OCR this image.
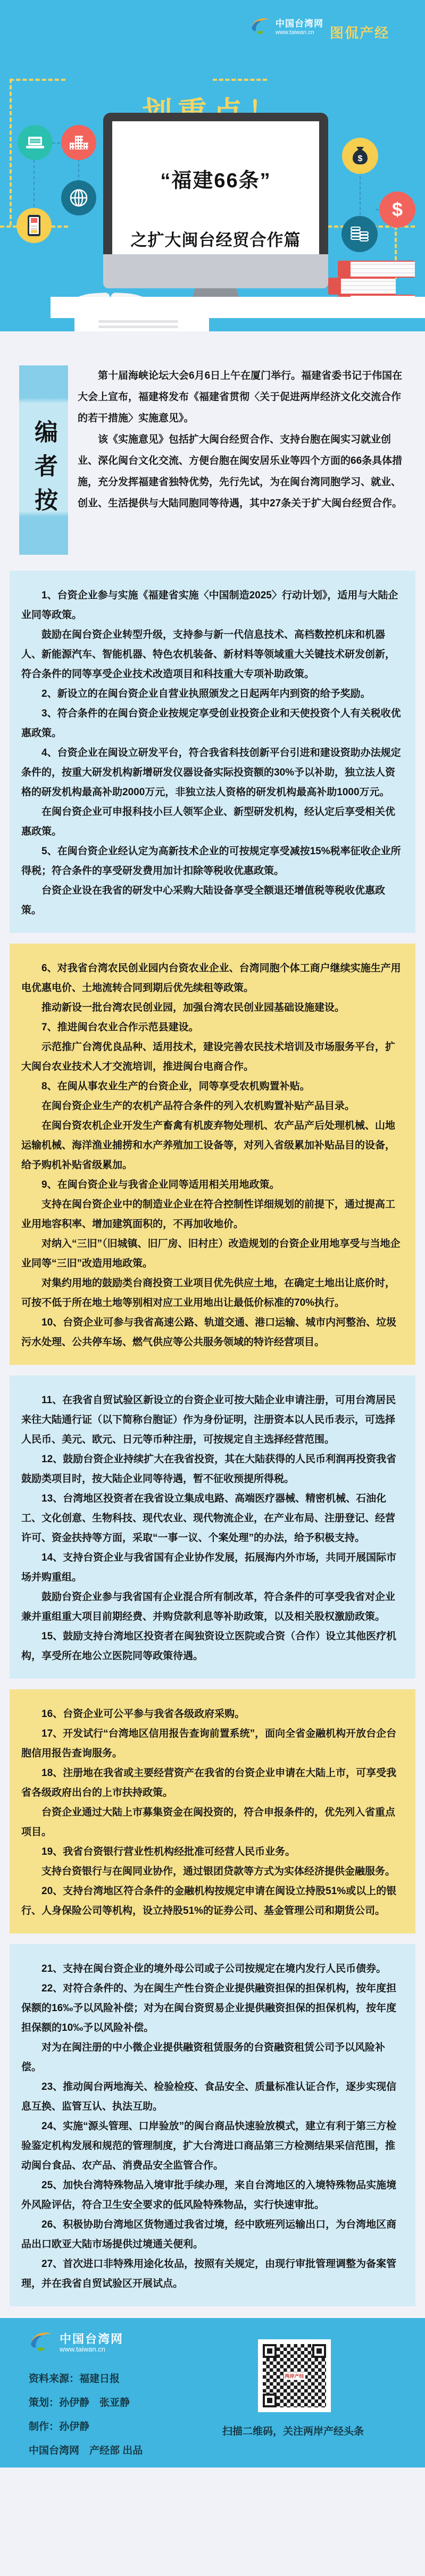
中国台湾网
www.taiwan.cn	图侃产经
$
$
“福建66条”
之扩大闽台经贸合作篇
编者按

第十届海峡论坛大会6月6日上午在厦门举行。福建省委书记于伟国在大会上宣布，福建将发布《福建省贯彻〈关于促进两岸经济文化交流合作的若干措施〉实施意见》。

该《实施意见》包括扩大闽台经贸合作、支持台胞在闽实习就业创业、深化闽台文化交流、方便台胞在闽安居乐业等四个方面的66条具体措施，充分发挥福建省独特优势，先行先试，为在闽台湾同胞学习、就业、创业、生活提供与大陆同胞同等待遇，其中27条关于扩大闽台经贸合作。

1、台资企业参与实施《福建省实施〈中国制造2025〉行动计划》，适用与大陆企业同等政策。

鼓励在闽台资企业转型升级，支持参与新一代信息技术、高档数控机床和机器人、新能源汽车、智能机器、特色农机装备、新材料等领域重大关键技术研发创新，符合条件的同等享受企业技术改造项目和科技重大专项补助政策。

2、新设立的在闽台资企业自营业执照颁发之日起两年内到资的给予奖励。

3、符合条件的在闽台资企业按规定享受创业投资企业和天使投资个人有关税收优惠政策。

4、台资企业在闽设立研发平台，符合我省科技创新平台引进和建设资助办法规定条件的，按重大研发机构新增研发仪器设备实际投资额的30%予以补助，独立法人资格的研发机构最高补助2000万元，非独立法人资格的研发机构最高补助1000万元。

在闽台资企业可申报科技小巨人领军企业、新型研发机构，经认定后享受相关优惠政策。

5、在闽台资企业经认定为高新技术企业的可按规定享受减按15%税率征收企业所得税；符合条件的享受研发费用加计扣除等税收优惠政策。

台资企业设在我省的研发中心采购大陆设备享受全额退还增值税等税收优惠政策。

6、对我省台湾农民创业园内台资农业企业、台湾同胞个体工商户继续实施生产用电优惠电价、土地流转合同到期后优先续租等政策。

推动新设一批台湾农民创业园，加强台湾农民创业园基础设施建设。

7、推进闽台农业合作示范县建设。

示范推广台湾优良品种、适用技术，建设完善农民技术培训及市场服务平台，扩大闽台农业技术人才交流培训，推进闽台电商合作。

8、在闽从事农业生产的台资企业，同等享受农机购置补贴。

在闽台资企业生产的农机产品符合条件的列入农机购置补贴产品目录。

在闽台资农机企业开发生产畜禽有机废弃物处理机、农产品产后处理机械、山地运输机械、海洋渔业捕捞和水产养殖加工设备等，对列入省级累加补贴品目的设备，给予购机补贴省级累加。

9、在闽台资企业与我省企业同等适用相关用地政策。

支持在闽台资企业中的制造业企业在符合控制性详细规划的前提下，通过提高工业用地容积率、增加建筑面积的，不再加收地价。

对纳入“三旧”（旧城镇、旧厂房、旧村庄）改造规划的台资企业用地享受与当地企业同等“三旧”改造用地政策。

对集约用地的鼓励类台商投资工业项目优先供应土地，在确定土地出让底价时，可按不低于所在地土地等别相对应工业用地出让最低价标准的70%执行。

10、台资企业可参与我省高速公路、轨道交通、港口运输、城市内河整治、垃圾污水处理、公共停车场、燃气供应等公共服务领域的特许经营项目。

11、在我省自贸试验区新设立的台资企业可按大陆企业申请注册，可用台湾居民来往大陆通行证（以下简称台胞证）作为身份证明，注册资本以人民币表示，可选择人民币、美元、欧元、日元等币种注册，可按规定自主选择经营范围。

12、鼓励台资企业持续扩大在我省投资，其在大陆获得的人民币利润再投资我省鼓励类项目时，按大陆企业同等待遇，暂不征收预提所得税。

13、台湾地区投资者在我省设立集成电路、高端医疗器械、精密机械、石油化工、文化创意、生物科技、现代农业、现代物流企业，在产业布局、注册登记、经营许可、资金扶持等方面，采取“一事一议、个案处理”的办法，给予积极支持。

14、支持台资企业与我省国有企业协作发展，拓展海内外市场，共同开展国际市场并购重组。

鼓励台资企业参与我省国有企业混合所有制改革，符合条件的可享受我省对企业兼并重组重大项目前期经费、并购贷款利息等补助政策，以及相关股权激励政策。

15、鼓励支持台湾地区投资者在闽独资设立医院或合资（合作）设立其他医疗机构，享受所在地公立医院同等政策待遇。

16、台资企业可公平参与我省各级政府采购。

17、开发试行“台湾地区信用报告查询前置系统”，面向全省金融机构开放台企台胞信用报告查询服务。

18、注册地在我省或主要经营资产在我省的台资企业申请在大陆上市，可享受我省各级政府出台的上市扶持政策。

台资企业通过大陆上市募集资金在闽投资的，符合申报条件的，优先列入省重点项目。

19、我省台资银行营业性机构经批准可经营人民币业务。

支持台资银行与在闽同业协作，通过银团贷款等方式为实体经济提供金融服务。

20、支持台湾地区符合条件的金融机构按规定申请在闽设立持股51%或以上的银行、人身保险公司等机构，设立持股51%的证券公司、基金管理公司和期货公司。

21、支持在闽台资企业的境外母公司或子公司按规定在境内发行人民币债券。

22、对符合条件的、为在闽生产性台资企业提供融资担保的担保机构，按年度担保额的16‰予以风险补偿；对为在闽台资贸易企业提供融资担保的担保机构，按年度担保额的10‰予以风险补偿。

对为在闽注册的中小微企业提供融资租赁服务的台资融资租赁公司予以风险补偿。

23、推动闽台两地海关、检验检疫、食品安全、质量标准认证合作，逐步实现信息互换、监管互认、执法互助。

24、实施“源头管理、口岸验放”的闽台商品快速验放模式，建立有利于第三方检验鉴定机构发展和规范的管理制度，扩大台湾进口商品第三方检测结果采信范围，推动闽台食品、农产品、消费品安全监管合作。

25、加快台湾特殊物品入境审批手续办理，来自台湾地区的入境特殊物品实施境外风险评估，符合卫生安全要求的低风险特殊物品，实行快速审批。

26、积极协助台湾地区货物通过我省过境，经中欧班列运输出口，为台湾地区商品出口欧亚大陆市场提供过境通关便利。

27、首次进口非特殊用途化妆品，按照有关规定，由现行审批管理调整为备案管理，并在我省自贸试验区开展试点。

中国台湾网
www.taiwan.cn
资料来源：福建日报
策划：孙伊静　张亚静
制作：孙伊静
中国台湾网　产经部 出品
两岸产经
扫描二维码，关注两岸产经头条
